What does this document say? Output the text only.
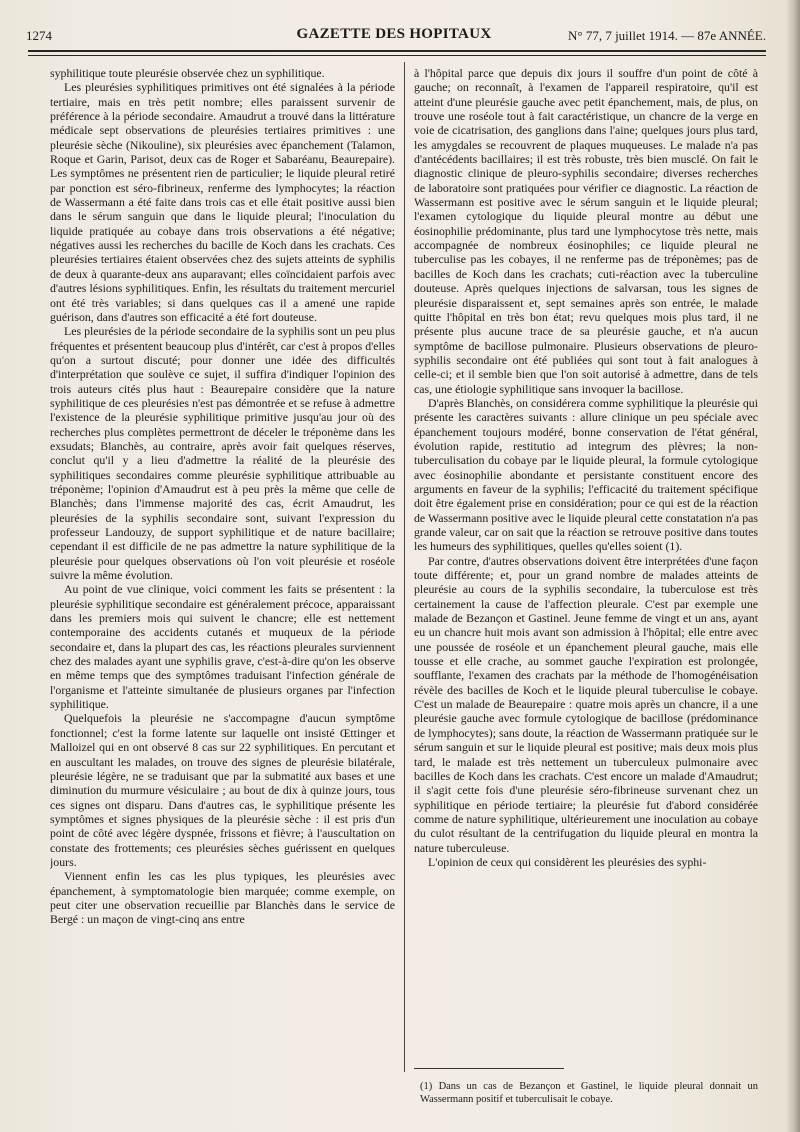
1274	GAZETTE DES HOPITAUX	N° 77, 7 juillet 1914. — 87e ANNÉE.

syphilitique toute pleurésie observée chez un syphilitique.

Les pleurésies syphilitiques primitives ont été signalées à la période tertiaire, mais en très petit nombre; elles paraissent survenir de préférence à la période secondaire. Amaudrut a trouvé dans la littérature médicale sept observations de pleurésies tertiaires primitives : une pleurésie sèche (Nikouline), six pleurésies avec épanchement (Talamon, Roque et Garin, Parisot, deux cas de Roger et Sabaréanu, Beaurepaire). Les symptômes ne présentent rien de particulier; le liquide pleural retiré par ponction est séro-fibrineux, renferme des lymphocytes; la réaction de Wassermann a été faite dans trois cas et elle était positive aussi bien dans le sérum sanguin que dans le liquide pleural; l'inoculation du liquide pratiquée au cobaye dans trois observations a été négative; négatives aussi les recherches du bacille de Koch dans les crachats. Ces pleurésies tertiaires étaient observées chez des sujets atteints de syphilis de deux à quarante-deux ans auparavant; elles coïncidaient parfois avec d'autres lésions syphilitiques. Enfin, les résultats du traitement mercuriel ont été très variables; si dans quelques cas il a amené une rapide guérison, dans d'autres son efficacité a été fort douteuse.

Les pleurésies de la période secondaire de la syphilis sont un peu plus fréquentes et présentent beaucoup plus d'intérêt, car c'est à propos d'elles qu'on a surtout discuté; pour donner une idée des difficultés d'interprétation que soulève ce sujet, il suffira d'indiquer l'opinion des trois auteurs cités plus haut : Beaurepaire considère que la nature syphilitique de ces pleurésies n'est pas démontrée et se refuse à admettre l'existence de la pleurésie syphilitique primitive jusqu'au jour où des recherches plus complètes permettront de déceler le tréponème dans les exsudats; Blanchès, au contraire, après avoir fait quelques réserves, conclut qu'il y a lieu d'admettre la réalité de la pleurésie des syphilitiques secondaires comme pleurésie syphilitique attribuable au tréponème; l'opinion d'Amaudrut est à peu près la même que celle de Blanchès; dans l'immense majorité des cas, écrit Amaudrut, les pleurésies de la syphilis secondaire sont, suivant l'expression du professeur Landouzy, de support syphilitique et de nature bacillaire; cependant il est difficile de ne pas admettre la nature syphilitique de la pleurésie pour quelques observations où l'on voit pleurésie et roséole suivre la même évolution.

Au point de vue clinique, voici comment les faits se présentent : la pleurésie syphilitique secondaire est généralement précoce, apparaissant dans les premiers mois qui suivent le chancre; elle est nettement contemporaine des accidents cutanés et muqueux de la période secondaire et, dans la plupart des cas, les réactions pleurales surviennent chez des malades ayant une syphilis grave, c'est-à-dire qu'on les observe en même temps que des symptômes traduisant l'infection générale de l'organisme et l'atteinte simultanée de plusieurs organes par l'infection syphilitique.

Quelquefois la pleurésie ne s'accompagne d'aucun symptôme fonctionnel; c'est la forme latente sur laquelle ont insisté Œttinger et Malloizel qui en ont observé 8 cas sur 22 syphilitiques. En percutant et en auscultant les malades, on trouve des signes de pleurésie bilatérale, pleurésie légère, ne se traduisant que par la submatité aux bases et une diminution du murmure vésiculaire ; au bout de dix à quinze jours, tous ces signes ont disparu. Dans d'autres cas, le syphilitique présente les symptômes et signes physiques de la pleurésie sèche : il est pris d'un point de côté avec légère dyspnée, frissons et fièvre; à l'auscultation on constate des frottements; ces pleurésies sèches guérissent en quelques jours.

Viennent enfin les cas les plus typiques, les pleurésies avec épanchement, à symptomatologie bien marquée; comme exemple, on peut citer une observation recueillie par Blanchès dans le service de Bergé : un maçon de vingt-cinq ans entre

à l'hôpital parce que depuis dix jours il souffre d'un point de côté à gauche; on reconnaît, à l'examen de l'appareil respiratoire, qu'il est atteint d'une pleurésie gauche avec petit épanchement, mais, de plus, on trouve une roséole tout à fait caractéristique, un chancre de la verge en voie de cicatrisation, des ganglions dans l'aine; quelques jours plus tard, les amygdales se recouvrent de plaques muqueuses. Le malade n'a pas d'antécédents bacillaires; il est très robuste, très bien musclé. On fait le diagnostic clinique de pleuro-syphilis secondaire; diverses recherches de laboratoire sont pratiquées pour vérifier ce diagnostic. La réaction de Wassermann est positive avec le sérum sanguin et le liquide pleural; l'examen cytologique du liquide pleural montre au début une éosinophilie prédominante, plus tard une lymphocytose très nette, mais accompagnée de nombreux éosinophiles; ce liquide pleural ne tuberculise pas les cobayes, il ne renferme pas de tréponèmes; pas de bacilles de Koch dans les crachats; cuti-réaction avec la tuberculine douteuse. Après quelques injections de salvarsan, tous les signes de pleurésie disparaissent et, sept semaines après son entrée, le malade quitte l'hôpital en très bon état; revu quelques mois plus tard, il ne présente plus aucune trace de sa pleurésie gauche, et n'a aucun symptôme de bacillose pulmonaire. Plusieurs observations de pleuro-syphilis secondaire ont été publiées qui sont tout à fait analogues à celle-ci; et il semble bien que l'on soit autorisé à admettre, dans de tels cas, une étiologie syphilitique sans invoquer la bacillose.

D'après Blanchès, on considérera comme syphilitique la pleurésie qui présente les caractères suivants : allure clinique un peu spéciale avec épanchement toujours modéré, bonne conservation de l'état général, évolution rapide, restitutio ad integrum des plèvres; la non-tuberculisation du cobaye par le liquide pleural, la formule cytologique avec éosinophilie abondante et persistante constituent encore des arguments en faveur de la syphilis; l'efficacité du traitement spécifique doit être également prise en considération; pour ce qui est de la réaction de Wassermann positive avec le liquide pleural cette constatation n'a pas grande valeur, car on sait que la réaction se retrouve positive dans toutes les humeurs des syphilitiques, quelles qu'elles soient (1).

Par contre, d'autres observations doivent être interprétées d'une façon toute différente; et, pour un grand nombre de malades atteints de pleurésie au cours de la syphilis secondaire, la tuberculose est très certainement la cause de l'affection pleurale. C'est par exemple une malade de Bezançon et Gastinel. Jeune femme de vingt et un ans, ayant eu un chancre huit mois avant son admission à l'hôpital; elle entre avec une poussée de roséole et un épanchement pleural gauche, mais elle tousse et elle crache, au sommet gauche l'expiration est prolongée, soufflante, l'examen des crachats par la méthode de l'homogénéisation révèle des bacilles de Koch et le liquide pleural tuberculise le cobaye. C'est un malade de Beaurepaire : quatre mois après un chancre, il a une pleurésie gauche avec formule cytologique de bacillose (prédominance de lymphocytes); sans doute, la réaction de Wassermann pratiquée sur le sérum sanguin et sur le liquide pleural est positive; mais deux mois plus tard, le malade est très nettement un tuberculeux pulmonaire avec bacilles de Koch dans les crachats. C'est encore un malade d'Amaudrut; il s'agit cette fois d'une pleurésie séro-fibrineuse survenant chez un syphilitique en période tertiaire; la pleurésie fut d'abord considérée comme de nature syphilitique, ultérieurement une inoculation au cobaye du culot résultant de la centrifugation du liquide pleural en montra la nature tuberculeuse.

L'opinion de ceux qui considèrent les pleurésies des syphi-

(1) Dans un cas de Bezançon et Gastinel, le liquide pleural donnait un Wassermann positif et tuberculisait le cobaye.
